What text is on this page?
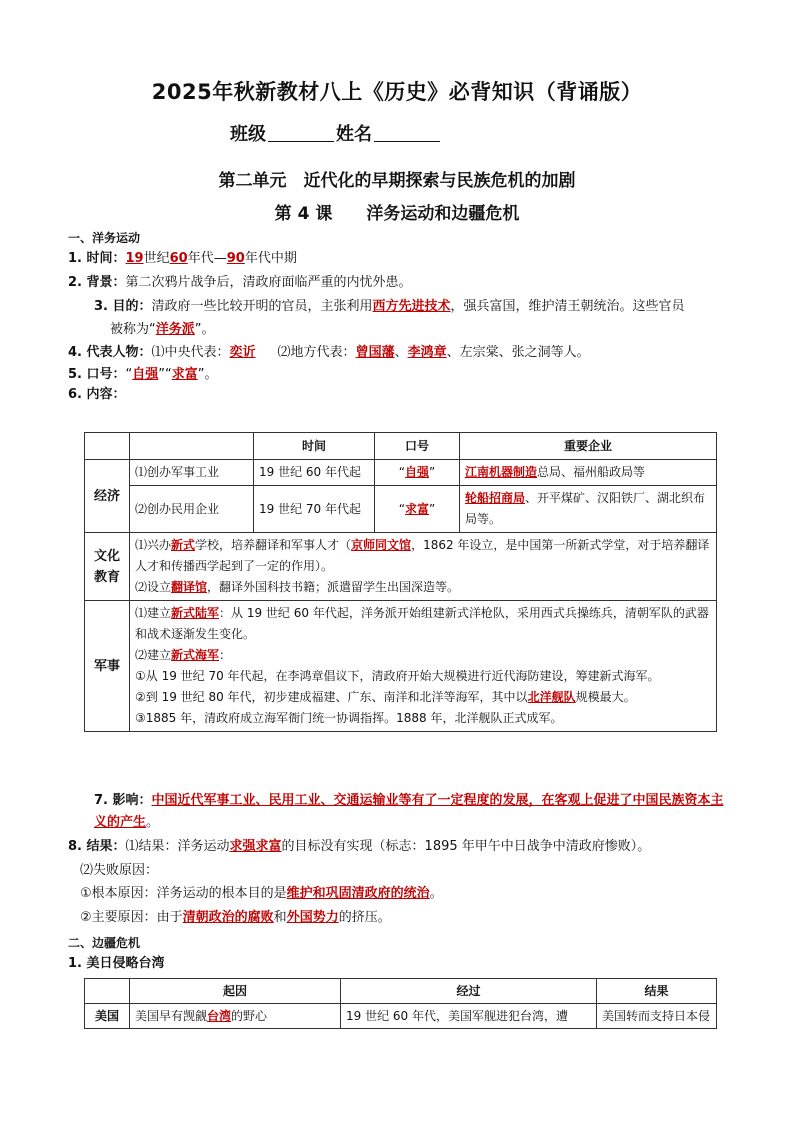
2025年秋新教材八上《历史》必背知识（背诵版）
班级	姓名
第二单元　近代化的早期探索与民族危机的加剧
第 4 课　　洋务运动和边疆危机
一、洋务运动
1. 时间：19世纪60年代—90年代中期
2. 背景：第二次鸦片战争后，清政府面临严重的内忧外患。
3. 目的：清政府一些比较开明的官员，主张利用西方先进技术，强兵富国，维护清王朝统治。这些官员
被称为“洋务派”。
4. 代表人物：⑴中央代表：奕䜣 ⑵地方代表：曾国藩、李鸿章、左宗棠、张之洞等人。
5. 口号：“自强”“求富”。
6. 内容：
		时间	口号	重要企业
经济	⑴创办军事工业	19 世纪 60 年代起	“自强”	江南机器制造总局、福州船政局等
	⑵创办民用企业	19 世纪 70 年代起	“求富”	轮船招商局、开平煤矿、汉阳铁厂、湖北织布局等。
文化教育	⑴兴办新式学校，培养翻译和军事人才（京师同文馆，1862 年设立，是中国第一所新式学堂，对于培养翻译人才和传播西学起到了一定的作用）。
⑵设立翻译馆，翻译外国科技书籍；派遣留学生出国深造等。			

军事	⑴建立新式陆军：从 19 世纪 60 年代起，洋务派开始组建新式洋枪队，采用西式兵操练兵，清朝军队的武器和战术逐渐发生变化。
⑵建立新式海军：
①从 19 世纪 70 年代起，在李鸿章倡议下，清政府开始大规模进行近代海防建设，筹建新式海军。
②到 19 世纪 80 年代，初步建成福建、广东、南洋和北洋等海军，其中以北洋舰队规模最大。
③1885 年，清政府成立海军衙门统一协调指挥。1888 年，北洋舰队正式成军。			
7. 影响：中国近代军事工业、民用工业、交通运输业等有了一定程度的发展，在客观上促进了中国民族资本主义的产生。
8. 结果：⑴结果：洋务运动求强求富的目标没有实现（标志：1895 年甲午中日战争中清政府惨败）。
⑵失败原因：
①根本原因：洋务运动的根本目的是维护和巩固清政府的统治。
②主要原因：由于清朝政治的腐败和外国势力的挤压。
二、边疆危机
1. 美日侵略台湾
	起因	经过	结果
美国	美国早有觊觎台湾的野心	19 世纪 60 年代，美国军舰进犯台湾，遭	美国转而支持日本侵
